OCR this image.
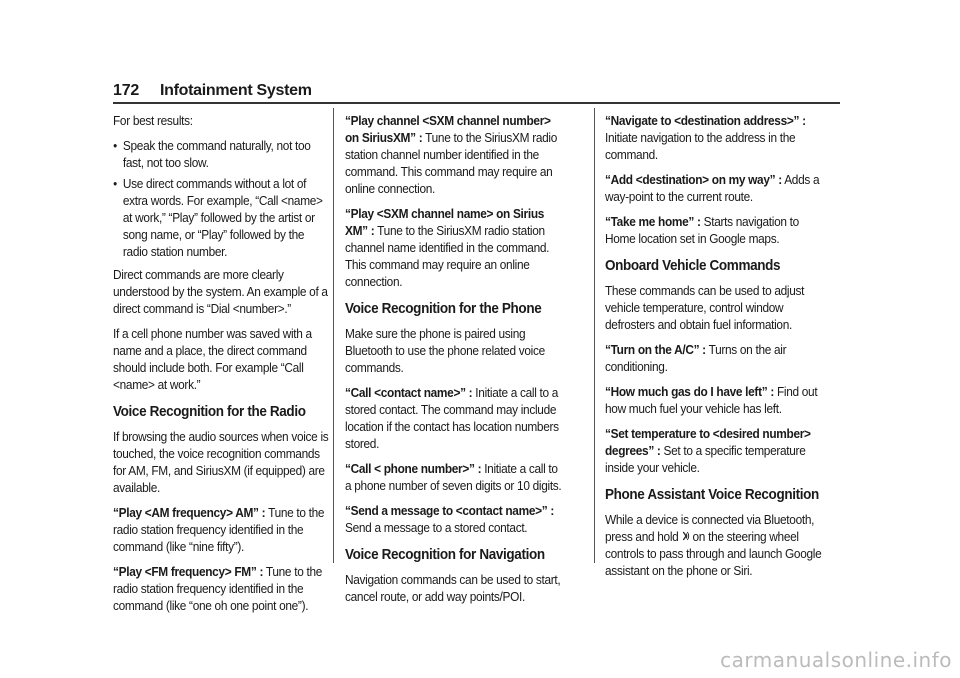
172 Infotainment System

For best results:

● Speak the command naturally, not too fast, not too slow.
● Use direct commands without a lot of extra words. For example, “Call <name> at work,” “Play” followed by the artist or song name, or “Play” followed by the radio station number.

Direct commands are more clearly understood by the system. An example of a direct command is “Dial <number>.”

If a cell phone number was saved with a name and a place, the direct command should include both. For example “Call <name> at work.”

Voice Recognition for the Radio

If browsing the audio sources when voice is touched, the voice recognition commands for AM, FM, and SiriusXM (if equipped) are available.

“Play <AM frequency> AM” : Tune to the radio station frequency identified in the command (like “nine fifty”).

“Play <FM frequency> FM” : Tune to the radio station frequency identified in the command (like “one oh one point one”).

“Play channel <SXM channel number> on SiriusXM” : Tune to the SiriusXM radio station channel number identified in the command. This command may require an online connection.

“Play <SXM channel name> on Sirius XM” : Tune to the SiriusXM radio station channel name identified in the command. This command may require an online connection.

Voice Recognition for the Phone

Make sure the phone is paired using Bluetooth to use the phone related voice commands.

“Call <contact name>” : Initiate a call to a stored contact. The command may include location if the contact has location numbers stored.

“Call < phone number>” : Initiate a call to a phone number of seven digits or 10 digits.

“Send a message to <contact name>” : Send a message to a stored contact.

Voice Recognition for Navigation

Navigation commands can be used to start, cancel route, or add way points/POI.

“Navigate to <destination address>” : Initiate navigation to the address in the command.

“Add <destination> on my way” : Adds a way-point to the current route.

“Take me home” : Starts navigation to Home location set in Google maps.

Onboard Vehicle Commands

These commands can be used to adjust vehicle temperature, control window defrosters and obtain fuel information.

“Turn on the A/C” : Turns on the air conditioning.

“How much gas do I have left” : Find out how much fuel your vehicle has left.

“Set temperature to <desired number> degrees” : Set to a specific temperature inside your vehicle.

Phone Assistant Voice Recognition

While a device is connected via Bluetooth, press and hold  on the steering wheel controls to pass through and launch Google assistant on the phone or Siri.

carmanualsonline.info
